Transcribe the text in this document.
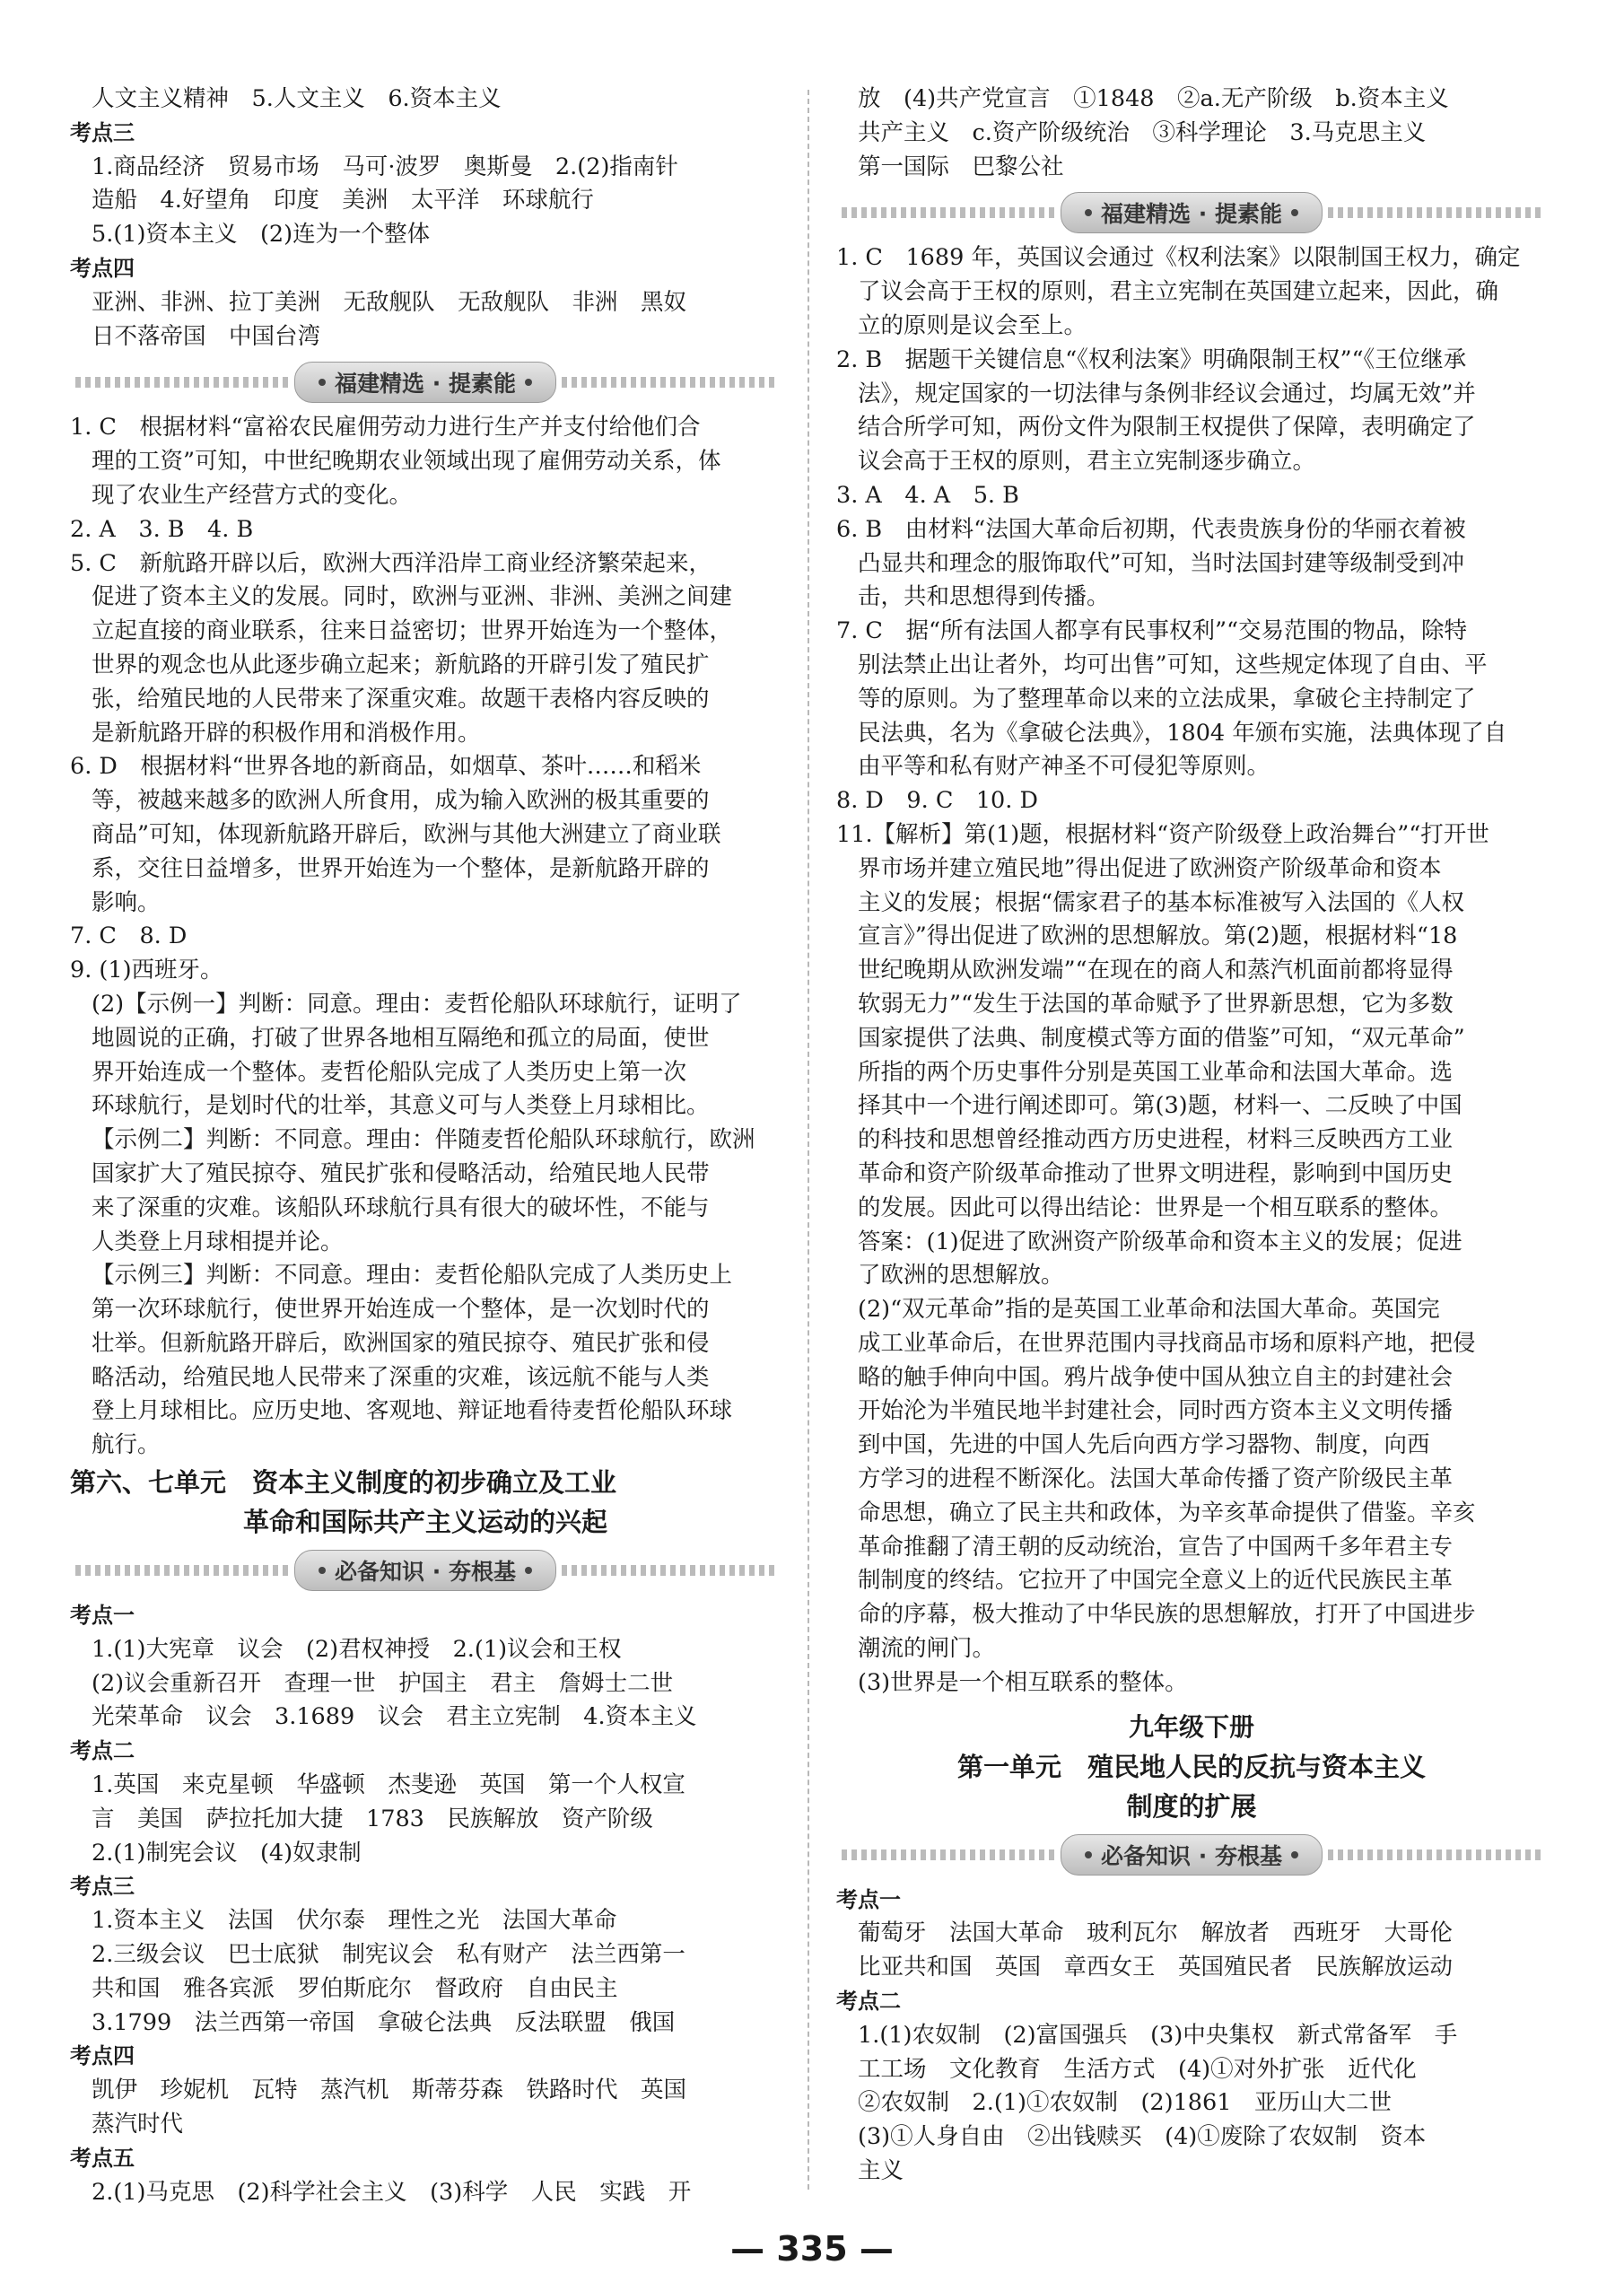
人文主义精神　5.人文主义　6.资本主义
考点三
1.商品经济　贸易市场　马可·波罗　奥斯曼　2.(2)指南针
造船　4.好望角　印度　美洲　太平洋　环球航行
5.(1)资本主义　(2)连为一个整体
考点四
亚洲、非洲、拉丁美洲　无敌舰队　无敌舰队　非洲　黑奴
日不落帝国　中国台湾
福建精选 · 提素能
1. C　根据材料“富裕农民雇佣劳动力进行生产并支付给他们合
理的工资”可知，中世纪晚期农业领域出现了雇佣劳动关系，体
现了农业生产经营方式的变化。
2. A　3. B　4. B
5. C　新航路开辟以后，欧洲大西洋沿岸工商业经济繁荣起来，
促进了资本主义的发展。同时，欧洲与亚洲、非洲、美洲之间建
立起直接的商业联系，往来日益密切；世界开始连为一个整体，
世界的观念也从此逐步确立起来；新航路的开辟引发了殖民扩
张，给殖民地的人民带来了深重灾难。故题干表格内容反映的
是新航路开辟的积极作用和消极作用。
6. D　根据材料“世界各地的新商品，如烟草、茶叶……和稻米
等，被越来越多的欧洲人所食用，成为输入欧洲的极其重要的
商品”可知，体现新航路开辟后，欧洲与其他大洲建立了商业联
系，交往日益增多，世界开始连为一个整体，是新航路开辟的
影响。
7. C　8. D
9. (1)西班牙。
(2)【示例一】判断：同意。理由：麦哲伦船队环球航行，证明了
地圆说的正确，打破了世界各地相互隔绝和孤立的局面，使世
界开始连成一个整体。麦哲伦船队完成了人类历史上第一次
环球航行，是划时代的壮举，其意义可与人类登上月球相比。
【示例二】判断：不同意。理由：伴随麦哲伦船队环球航行，欧洲
国家扩大了殖民掠夺、殖民扩张和侵略活动，给殖民地人民带
来了深重的灾难。该船队环球航行具有很大的破坏性，不能与
人类登上月球相提并论。
【示例三】判断：不同意。理由：麦哲伦船队完成了人类历史上
第一次环球航行，使世界开始连成一个整体，是一次划时代的
壮举。但新航路开辟后，欧洲国家的殖民掠夺、殖民扩张和侵
略活动，给殖民地人民带来了深重的灾难，该远航不能与人类
登上月球相比。应历史地、客观地、辩证地看待麦哲伦船队环球
航行。
第六、七单元　资本主义制度的初步确立及工业
革命和国际共产主义运动的兴起
必备知识 · 夯根基
考点一
1.(1)大宪章　议会　(2)君权神授　2.(1)议会和王权
(2)议会重新召开　查理一世　护国主　君主　詹姆士二世
光荣革命　议会　3.1689　议会　君主立宪制　4.资本主义
考点二
1.英国　来克星顿　华盛顿　杰斐逊　英国　第一个人权宣
言　美国　萨拉托加大捷　1783　民族解放　资产阶级
2.(1)制宪会议　(4)奴隶制
考点三
1.资本主义　法国　伏尔泰　理性之光　法国大革命
2.三级会议　巴士底狱　制宪议会　私有财产　法兰西第一
共和国　雅各宾派　罗伯斯庇尔　督政府　自由民主
3.1799　法兰西第一帝国　拿破仑法典　反法联盟　俄国
考点四
凯伊　珍妮机　瓦特　蒸汽机　斯蒂芬森　铁路时代　英国
蒸汽时代
考点五
2.(1)马克思　(2)科学社会主义　(3)科学　人民　实践　开
放　(4)共产党宣言　①1848　②a.无产阶级　b.资本主义
共产主义　c.资产阶级统治　③科学理论　3.马克思主义
第一国际　巴黎公社
福建精选 · 提素能
1. C　1689 年，英国议会通过《权利法案》以限制国王权力，确定
了议会高于王权的原则，君主立宪制在英国建立起来，因此，确
立的原则是议会至上。
2. B　据题干关键信息“《权利法案》明确限制王权”“《王位继承
法》，规定国家的一切法律与条例非经议会通过，均属无效”并
结合所学可知，两份文件为限制王权提供了保障，表明确定了
议会高于王权的原则，君主立宪制逐步确立。
3. A　4. A　5. B
6. B　由材料“法国大革命后初期，代表贵族身份的华丽衣着被
凸显共和理念的服饰取代”可知，当时法国封建等级制受到冲
击，共和思想得到传播。
7. C　据“所有法国人都享有民事权利”“交易范围的物品，除特
别法禁止出让者外，均可出售”可知，这些规定体现了自由、平
等的原则。为了整理革命以来的立法成果，拿破仑主持制定了
民法典，名为《拿破仑法典》，1804 年颁布实施，法典体现了自
由平等和私有财产神圣不可侵犯等原则。
8. D　9. C　10. D
11.【解析】第(1)题，根据材料“资产阶级登上政治舞台”“打开世
界市场并建立殖民地”得出促进了欧洲资产阶级革命和资本
主义的发展；根据“儒家君子的基本标准被写入法国的《人权
宣言》”得出促进了欧洲的思想解放。第(2)题，根据材料“18
世纪晚期从欧洲发端”“在现在的商人和蒸汽机面前都将显得
软弱无力”“发生于法国的革命赋予了世界新思想，它为多数
国家提供了法典、制度模式等方面的借鉴”可知，“双元革命”
所指的两个历史事件分别是英国工业革命和法国大革命。选
择其中一个进行阐述即可。第(3)题，材料一、二反映了中国
的科技和思想曾经推动西方历史进程，材料三反映西方工业
革命和资产阶级革命推动了世界文明进程，影响到中国历史
的发展。因此可以得出结论：世界是一个相互联系的整体。
答案：(1)促进了欧洲资产阶级革命和资本主义的发展；促进
了欧洲的思想解放。
(2)“双元革命”指的是英国工业革命和法国大革命。英国完
成工业革命后，在世界范围内寻找商品市场和原料产地，把侵
略的触手伸向中国。鸦片战争使中国从独立自主的封建社会
开始沦为半殖民地半封建社会，同时西方资本主义文明传播
到中国，先进的中国人先后向西方学习器物、制度，向西
方学习的进程不断深化。法国大革命传播了资产阶级民主革
命思想，确立了民主共和政体，为辛亥革命提供了借鉴。辛亥
革命推翻了清王朝的反动统治，宣告了中国两千多年君主专
制制度的终结。它拉开了中国完全意义上的近代民族民主革
命的序幕，极大推动了中华民族的思想解放，打开了中国进步
潮流的闸门。
(3)世界是一个相互联系的整体。
九年级下册
第一单元　殖民地人民的反抗与资本主义
制度的扩展
必备知识 · 夯根基
考点一
葡萄牙　法国大革命　玻利瓦尔　解放者　西班牙　大哥伦
比亚共和国　英国　章西女王　英国殖民者　民族解放运动
考点二
1.(1)农奴制　(2)富国强兵　(3)中央集权　新式常备军　手
工工场　文化教育　生活方式　(4)①对外扩张　近代化
②农奴制　2.(1)①农奴制　(2)1861　亚历山大二世
(3)①人身自由　②出钱赎买　(4)①废除了农奴制　资本
主义
— 335 —
